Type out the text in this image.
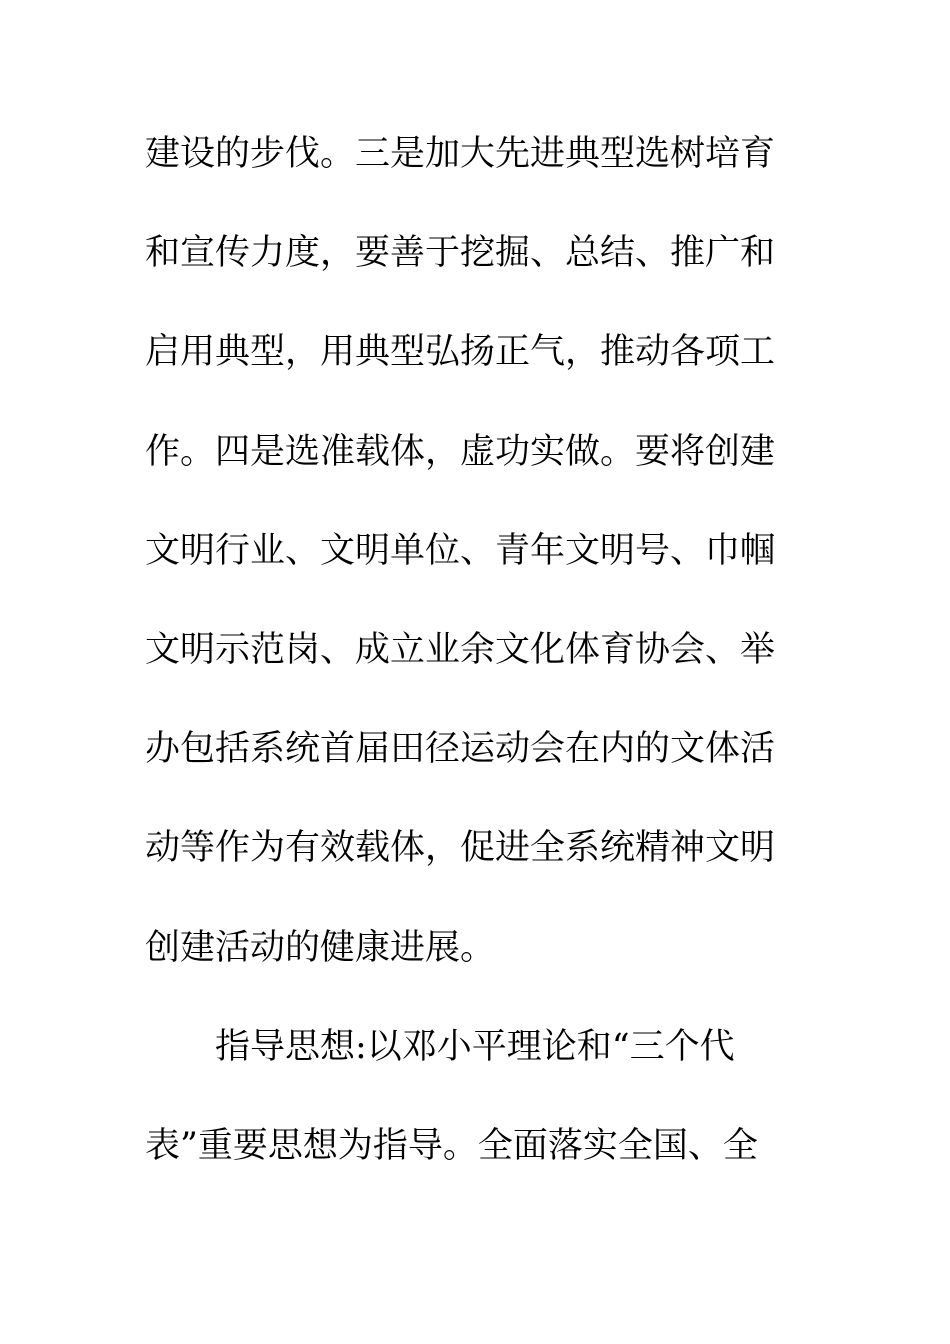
建设的步伐。三是加大先进典型选树培育
和宣传力度，要善于挖掘、总结、推广和
启用典型，用典型弘扬正气，推动各项工
作。四是选准载体，虚功实做。要将创建
文明行业、文明单位、青年文明号、巾帼
文明示范岗、成立业余文化体育协会、举
办包括系统首届田径运动会在内的文体活
动等作为有效载体，促进全系统精神文明
创建活动的健康进展。
指导思想:以邓小平理论和“三个代
表”重要思想为指导。全面落实全国、全
